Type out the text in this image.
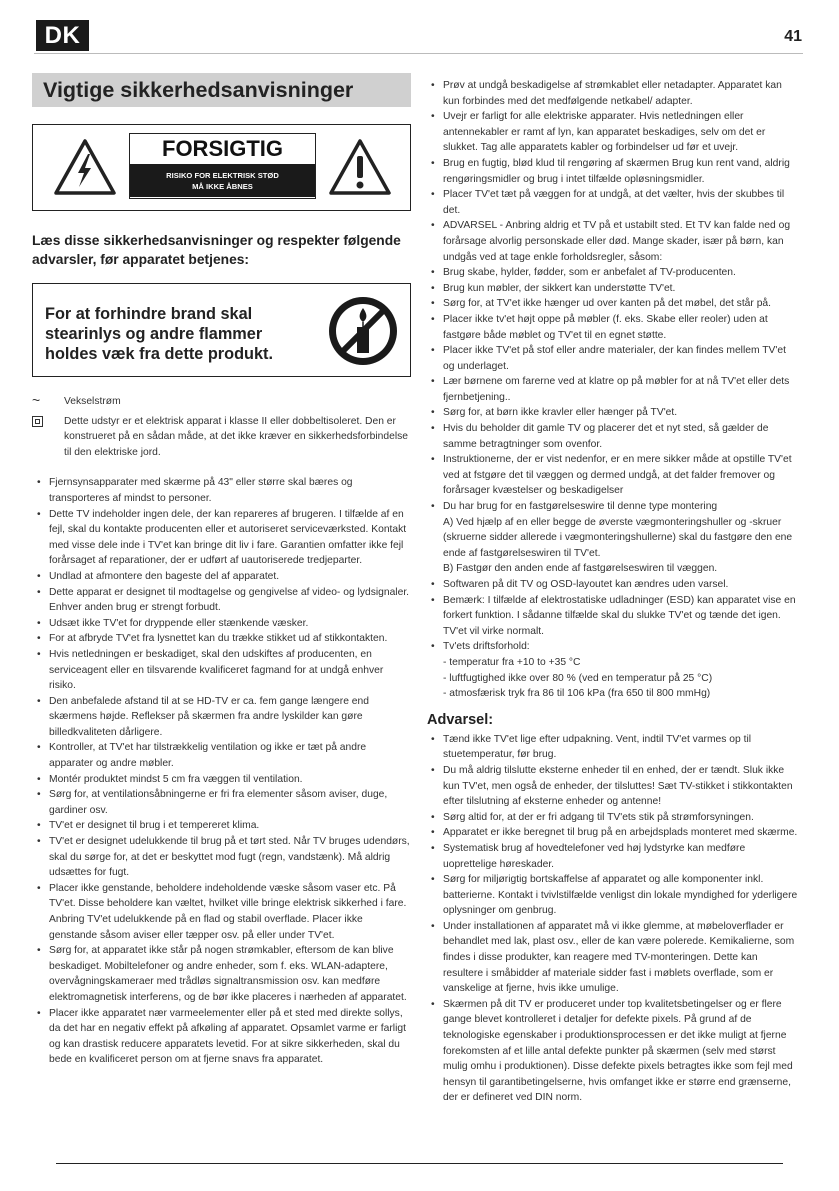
DK	41
Vigtige sikkerhedsanvisninger
FORSIGTIG
RISIKO FOR ELEKTRISK STØD
MÅ IKKE ÅBNES
Læs disse sikkerhedsanvisninger og respekter følgende advarsler, før apparatet betjenes:
For at forhindre brand skal stearinlys og andre flammer holdes væk fra dette produkt.
~	Vekselstrøm
Dette udstyr er et elektrisk apparat i klasse II eller dobbeltisoleret. Den er konstrueret på en sådan måde, at det ikke kræver en sikkerhedsforbindelse til den elektriske jord.
• Fjernsynsapparater med skærme på 43" eller større skal bæres og transporteres af mindst to personer.
• Dette TV indeholder ingen dele, der kan repareres af brugeren. I tilfælde af en fejl, skal du kontakte producenten eller et autoriseret serviceværksted. Kontakt med visse dele inde i TV'et kan bringe dit liv i fare. Garantien omfatter ikke fejl forårsaget af reparationer, der er udført af uautoriserede tredjeparter.
• Undlad at afmontere den bageste del af apparatet.
• Dette apparat er designet til modtagelse og gengivelse af video- og lydsignaler. Enhver anden brug er strengt forbudt.
• Udsæt ikke TV'et for dryppende eller stænkende væsker.
• For at afbryde TV'et fra lysnettet kan du trække stikket ud af stikkontakten.
• Hvis netledningen er beskadiget, skal den udskiftes af producenten, en serviceagent eller en tilsvarende kvalificeret fagmand for at undgå enhver risiko.
• Den anbefalede afstand til at se HD-TV er ca. fem gange længere end skærmens højde. Reflekser på skærmen fra andre lyskilder kan gøre billedkvaliteten dårligere.
• Kontroller, at TV'et har tilstrækkelig ventilation og ikke er tæt på andre apparater og andre møbler.
• Montér produktet mindst 5 cm fra væggen til ventilation.
• Sørg for, at ventilationsåbningerne er fri fra elementer såsom aviser, duge, gardiner osv.
• TV'et er designet til brug i et tempereret klima.
• TV'et er designet udelukkende til brug på et tørt sted. Når TV bruges udendørs, skal du sørge for, at det er beskyttet mod fugt (regn, vandstænk). Må aldrig udsættes for fugt.
• Placer ikke genstande, beholdere indeholdende væske såsom vaser etc. På TV'et. Disse beholdere kan væltet, hvilket ville bringe elektrisk sikkerhed i fare. Anbring TV'et udelukkende på en flad og stabil overflade. Placer ikke genstande såsom aviser eller tæpper osv. på eller under TV'et.
• Sørg for, at apparatet ikke står på nogen strømkabler, eftersom de kan blive beskadiget. Mobiltelefoner og andre enheder, som f. eks. WLAN-adaptere, overvågningskameraer med trådløs signaltransmission osv. kan medføre elektromagnetisk interferens, og de bør ikke placeres i nærheden af apparatet.
• Placer ikke apparatet nær varmeelementer eller på et sted med direkte sollys, da det har en negativ effekt på afkøling af apparatet. Opsamlet varme er farligt og kan drastisk reducere apparatets levetid. For at sikre sikkerheden, skal du bede en kvalificeret person om at fjerne snavs fra apparatet.
• Prøv at undgå beskadigelse af strømkablet eller netadapter. Apparatet kan kun forbindes med det medfølgende netkabel/ adapter.
• Uvejr er farligt for alle elektriske apparater. Hvis netledningen eller antennekabler er ramt af lyn, kan apparatet beskadiges, selv om det er slukket. Tag alle apparatets kabler og forbindelser ud før et uvejr.
• Brug en fugtig, blød klud til rengøring af skærmen Brug kun rent vand, aldrig rengøringsmidler og brug i intet tilfælde opløsningsmidler.
• Placer TV'et tæt på væggen for at undgå, at det vælter, hvis der skubbes til det.
• ADVARSEL - Anbring aldrig et TV på et ustabilt sted. Et TV kan falde ned og forårsage alvorlig personskade eller død. Mange skader, især på børn, kan undgås ved at tage enkle forholdsregler, såsom:
• Brug skabe, hylder, fødder, som er anbefalet af TV-producenten.
• Brug kun møbler, der sikkert kan understøtte TV'et.
• Sørg for, at TV'et ikke hænger ud over kanten på det møbel, det står på.
• Placer ikke tv'et højt oppe på møbler (f. eks. Skabe eller reoler) uden at fastgøre både møblet og TV'et til en egnet støtte.
• Placer ikke TV'et på stof eller andre materialer, der kan findes mellem TV'et og underlaget.
• Lær børnene om farerne ved at klatre op på møbler for at nå TV'et eller dets fjernbetjening..
• Sørg for, at børn ikke kravler eller hænger på TV'et.
• Hvis du beholder dit gamle TV og placerer det et nyt sted, så gælder de samme betragtninger som ovenfor.
• Instruktionerne, der er vist nedenfor, er en mere sikker måde at opstille TV'et ved at fstgøre det til væggen og dermed undgå, at det falder fremover og forårsager kvæstelser og beskadigelser
• Du har brug for en fastgørelseswire til denne type montering
A) Ved hjælp af en eller begge de øverste vægmonteringshuller og -skruer (skruerne sidder allerede i vægmonteringshullerne) skal du fastgøre den ene ende af fastgørelseswiren til TV'et.
B) Fastgør den anden ende af fastgørelseswiren til væggen.
• Softwaren på dit TV og OSD-layoutet kan ændres uden varsel.
• Bemærk: I tilfælde af elektrostatiske udladninger (ESD) kan apparatet vise en forkert funktion. I sådanne tilfælde skal du slukke TV'et og tænde det igen. TV'et vil virke normalt.
• Tv'ets driftsforhold:
- temperatur fra +10 to +35 °C
- luftfugtighed ikke over 80 % (ved en temperatur på 25 °C)
- atmosfærisk tryk fra 86 til 106 kPa (fra 650 til 800 mmHg)
Advarsel:
• Tænd ikke TV'et lige efter udpakning. Vent, indtil TV'et varmes op til stuetemperatur, før brug.
• Du må aldrig tilslutte eksterne enheder til en enhed, der er tændt. Sluk ikke kun TV'et, men også de enheder, der tilsluttes! Sæt TV-stikket i stikkontakten efter tilslutning af eksterne enheder og antenne!
• Sørg altid for, at der er fri adgang til TV'ets stik på strømforsyningen.
• Apparatet er ikke beregnet til brug på en arbejdsplads monteret med skærme.
• Systematisk brug af hovedtelefoner ved høj lydstyrke kan medføre uoprettelige høreskader.
• Sørg for miljørigtig bortskaffelse af apparatet og alle komponenter inkl. batterierne. Kontakt i tvivlstilfælde venligst din lokale myndighed for yderligere oplysninger om genbrug.
• Under installationen af apparatet må vi ikke glemme, at møbeloverflader er behandlet med lak, plast osv., eller de kan være polerede. Kemikalierne, som findes i disse produkter, kan reagere med TV-monteringen. Dette kan resultere i småbidder af materiale sidder fast i møblets overflade, som er vanskelige at fjerne, hvis ikke umulige.
• Skærmen på dit TV er produceret under top kvalitetsbetingelser og er flere gange blevet kontrolleret i detaljer for defekte pixels. På grund af de teknologiske egenskaber i produktionsprocessen er det ikke muligt at fjerne forekomsten af et lille antal defekte punkter på skærmen (selv med størst mulig omhu i produktionen). Disse defekte pixels betragtes ikke som fejl med hensyn til garantibetingelserne, hvis omfanget ikke er større end grænserne, der er defineret ved DIN norm.
